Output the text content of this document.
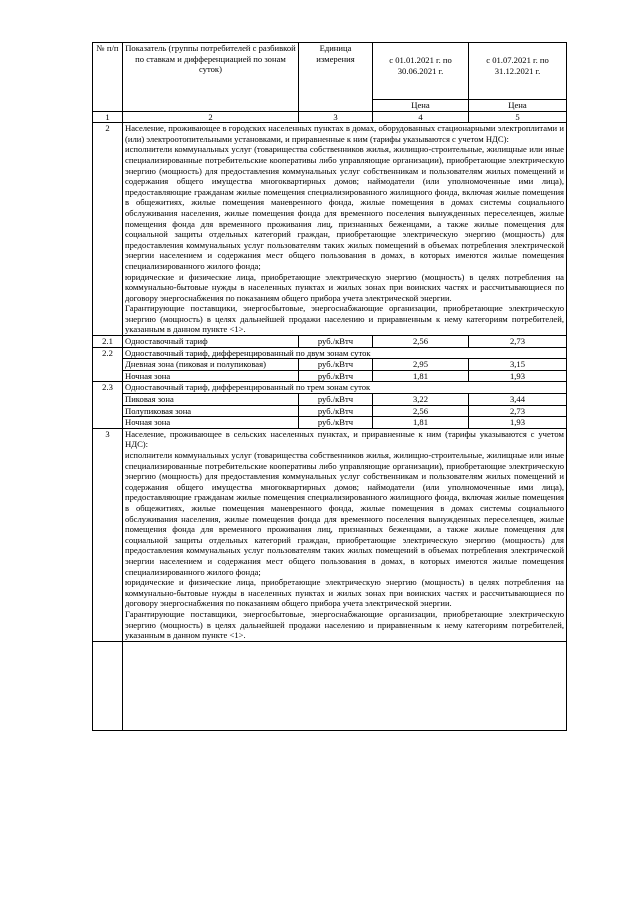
№ п/п	Показатель (группы потребителей с разбивкой по ставкам и дифференциацией по зонам суток)	Единица измерения	с 01.01.2021 г. по 30.06.2021 г.	с 01.07.2021 г. по 31.12.2021 г.
			Цена	Цена
1	2	3	4	5
2	Население, проживающее в городских населенных пунктах в домах, оборудованных стационарными электроплитами и (или) электроотопительными установками, и приравненные к ним (тарифы указываются с учетом НДС):

исполнители коммунальных услуг (товарищества собственников жилья, жилищно-строительные, жилищные или иные специализированные потребительские кооперативы либо управляющие организации), приобретающие электрическую энергию (мощность) для предоставления коммунальных услуг собственникам и пользователям жилых помещений и содержания общего имущества многоквартирных домов; наймодатели (или уполномоченные ими лица), предоставляющие гражданам жилые помещения специализированного жилищного фонда, включая жилые помещения в общежитиях, жилые помещения маневренного фонда, жилые помещения в домах системы социального обслуживания населения, жилые помещения фонда для временного поселения вынужденных переселенцев, жилые помещения фонда для временного проживания лиц, признанных беженцами, а также жилые помещения для социальной защиты отдельных категорий граждан, приобретающие электрическую энергию (мощность) для предоставления коммунальных услуг пользователям таких жилых помещений в объемах потребления электрической энергии населением и содержания мест общего пользования в домах, в которых имеются жилые помещения специализированного жилого фонда;

юридические и физические лица, приобретающие электрическую энергию (мощность) в целях потребления на коммунально-бытовые нужды в населенных пунктах и жилых зонах при воинских частях и рассчитывающиеся по договору энергоснабжения по показаниям общего прибора учета электрической энергии.

Гарантирующие поставщики, энергосбытовые, энергоснабжающие организации, приобретающие электрическую энергию (мощность) в целях дальнейшей продажи населению и приравненным к нему категориям потребителей, указанным в данном пункте <1>.			

2.1	Одноставочный тариф	руб./кВтч	2,56	2,73
2.2	Одноставочный тариф, дифференцированный по двум зонам суток			
	Дневная зона (пиковая и полупиковая)	руб./кВтч	2,95	3,15
	Ночная зона	руб./кВтч	1,81	1,93
2.3	Одноставочный тариф, дифференцированный по трем зонам суток			
	Пиковая зона	руб./кВтч	3,22	3,44
	Полупиковая зона	руб./кВтч	2,56	2,73
	Ночная зона	руб./кВтч	1,81	1,93
3	Население, проживающее в сельских населенных пунктах, и приравненные к ним (тарифы указываются с учетом НДС):

исполнители коммунальных услуг (товарищества собственников жилья, жилищно-строительные, жилищные или иные специализированные потребительские кооперативы либо управляющие организации), приобретающие электрическую энергию (мощность) для предоставления коммунальных услуг собственникам и пользователям жилых помещений и содержания общего имущества многоквартирных домов; наймодатели (или уполномоченные ими лица), предоставляющие гражданам жилые помещения специализированного жилищного фонда, включая жилые помещения в общежитиях, жилые помещения маневренного фонда, жилые помещения в домах системы социального обслуживания населения, жилые помещения фонда для временного поселения вынужденных переселенцев, жилые помещения фонда для временного проживания лиц, признанных беженцами, а также жилые помещения для социальной защиты отдельных категорий граждан, приобретающие электрическую энергию (мощность) для предоставления коммунальных услуг пользователям таких жилых помещений в объемах потребления электрической энергии населением и содержания мест общего пользования в домах, в которых имеются жилые помещения специализированного жилого фонда;

юридические и физические лица, приобретающие электрическую энергию (мощность) в целях потребления на коммунально-бытовые нужды в населенных пунктах и жилых зонах при воинских частях и рассчитывающиеся по договору энергоснабжения по показаниям общего прибора учета электрической энергии.

Гарантирующие поставщики, энергосбытовые, энергоснабжающие организации, приобретающие электрическую энергию (мощность) в целях дальнейшей продажи населению и приравненным к нему категориям потребителей, указанным в данном пункте <1>.			
